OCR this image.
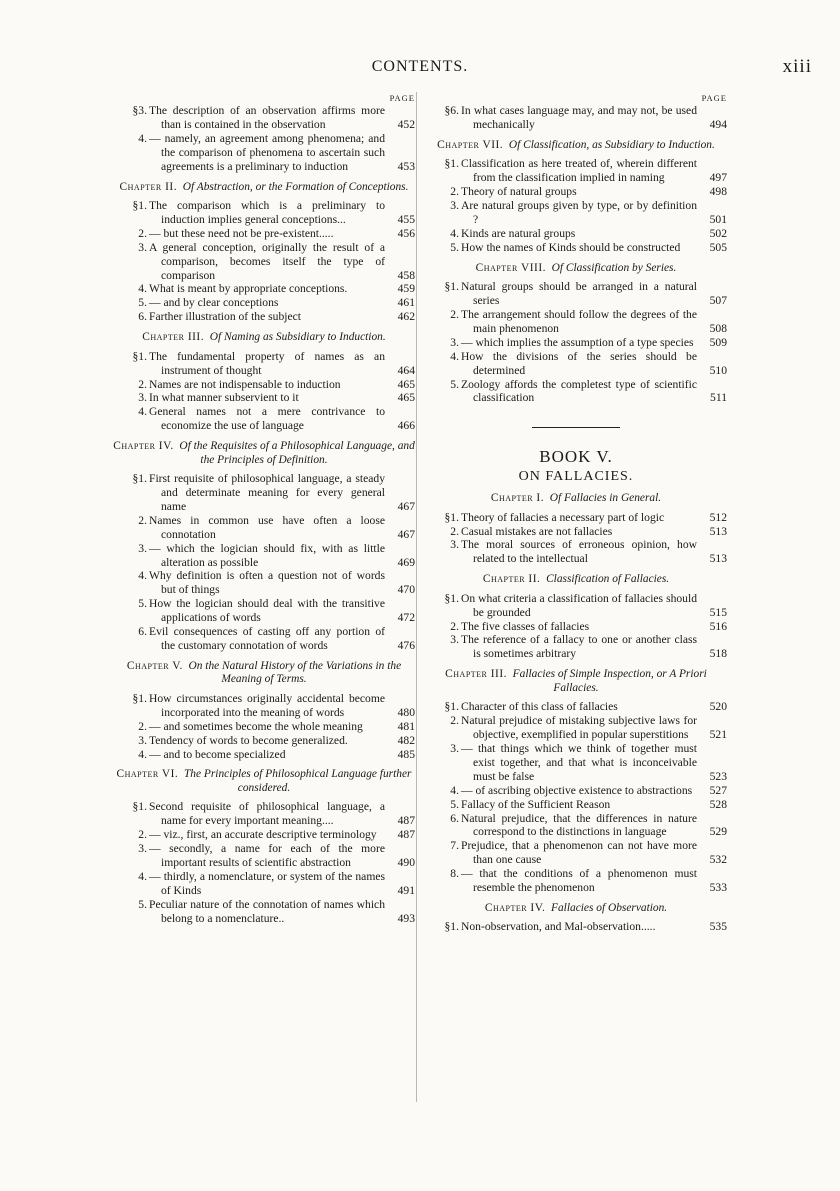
CONTENTS.	xiii
PAGE
§3. The description of an observation affirms more than is contained in the observation	452
4. — namely, an agreement among phenomena; and the comparison of phenomena to ascertain such agreements is a preliminary to induction	453
Chapter II. Of Abstraction, or the Formation of Conceptions.
§1. The comparison which is a preliminary to induction implies general conceptions...	455
2. — but these need not be pre-existent.....	456
3. A general conception, originally the result of a comparison, becomes itself the type of comparison	458
4. What is meant by appropriate conceptions.	459
5. — and by clear conceptions	461
6. Farther illustration of the subject	462
Chapter III. Of Naming as Subsidiary to Induction.
§1. The fundamental property of names as an instrument of thought	464
2. Names are not indispensable to induction	465
3. In what manner subservient to it	465
4. General names not a mere contrivance to economize the use of language	466
Chapter IV. Of the Requisites of a Philosophical Language, and the Principles of Definition.
§1. First requisite of philosophical language, a steady and determinate meaning for every general name	467
2. Names in common use have often a loose connotation	467
3. — which the logician should fix, with as little alteration as possible	469
4. Why definition is often a question not of words but of things	470
5. How the logician should deal with the transitive applications of words	472
6. Evil consequences of casting off any portion of the customary connotation of words	476
Chapter V. On the Natural History of the Variations in the Meaning of Terms.
§1. How circumstances originally accidental become incorporated into the meaning of words	480
2. — and sometimes become the whole meaning	481
3. Tendency of words to become generalized.	482
4. — and to become specialized	485
Chapter VI. The Principles of Philosophical Language further considered.
§1. Second requisite of philosophical language, a name for every important meaning....	487
2. — viz., first, an accurate descriptive terminology	487
3. — secondly, a name for each of the more important results of scientific abstraction	490
4. — thirdly, a nomenclature, or system of the names of Kinds	491
5. Peculiar nature of the connotation of names which belong to a nomenclature..	493
PAGE
§6. In what cases language may, and may not, be used mechanically	494
Chapter VII. Of Classification, as Subsidiary to Induction.
§1. Classification as here treated of, wherein different from the classification implied in naming	497
2. Theory of natural groups	498
3. Are natural groups given by type, or by definition ?	501
4. Kinds are natural groups	502
5. How the names of Kinds should be constructed	505
Chapter VIII. Of Classification by Series.
§1. Natural groups should be arranged in a natural series	507
2. The arrangement should follow the degrees of the main phenomenon	508
3. — which implies the assumption of a type species	509
4. How the divisions of the series should be determined	510
5. Zoology affords the completest type of scientific classification	511
BOOK V.
ON FALLACIES.
Chapter I. Of Fallacies in General.
§1. Theory of fallacies a necessary part of logic	512
2. Casual mistakes are not fallacies	513
3. The moral sources of erroneous opinion, how related to the intellectual	513
Chapter II. Classification of Fallacies.
§1. On what criteria a classification of fallacies should be grounded	515
2. The five classes of fallacies	516
3. The reference of a fallacy to one or another class is sometimes arbitrary	518
Chapter III. Fallacies of Simple Inspection, or A Priori Fallacies.
§1. Character of this class of fallacies	520
2. Natural prejudice of mistaking subjective laws for objective, exemplified in popular superstitions	521
3. — that things which we think of together must exist together, and that what is inconceivable must be false	523
4. — of ascribing objective existence to abstractions	527
5. Fallacy of the Sufficient Reason	528
6. Natural prejudice, that the differences in nature correspond to the distinctions in language	529
7. Prejudice, that a phenomenon can not have more than one cause	532
8. — that the conditions of a phenomenon must resemble the phenomenon	533
Chapter IV. Fallacies of Observation.
§1. Non-observation, and Mal-observation.....	535
